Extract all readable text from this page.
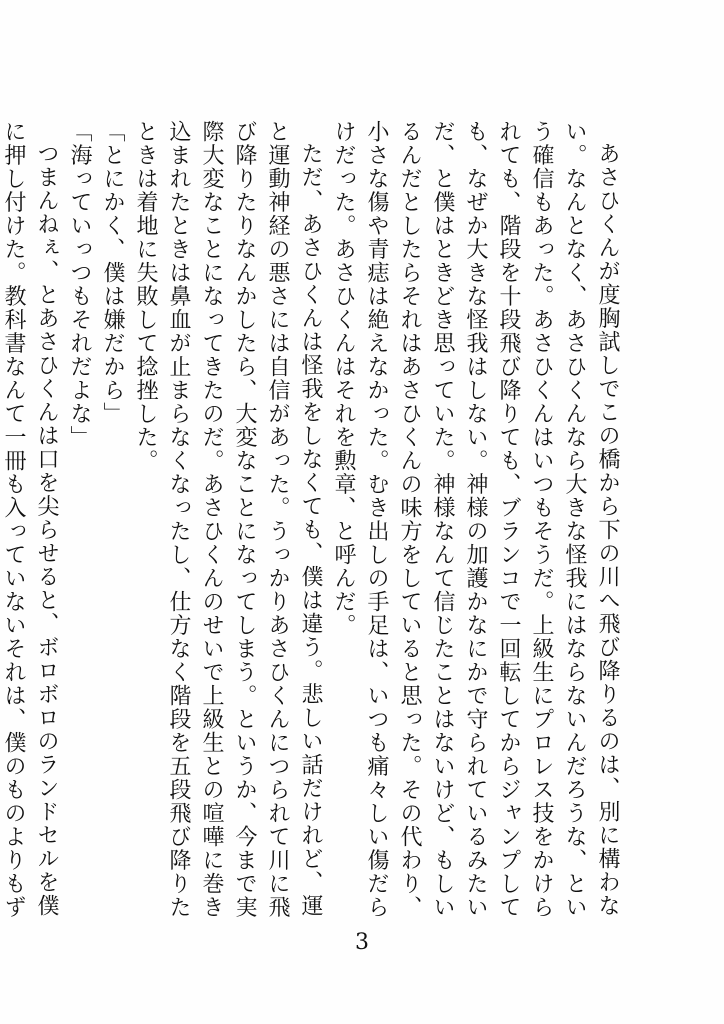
あさひくんが度胸試しでこの橋から下の川へ飛び降りるのは、別に構わない。なんとなく、あさひくんなら大きな怪我にはならないんだろうな、という確信もあった。あさひくんはいつもそうだ。上級生にプロレス技をかけられても、階段を十段飛び降りても、ブランコで一回転してからジャンプしても、なぜか大きな怪我はしない。神様の加護かなにかで守られているみたいだ、と僕はときどき思っていた。神様なんて信じたことはないけど、もしいるんだとしたらそれはあさひくんの味方をしていると思った。その代わり、小さな傷や青痣は絶えなかった。むき出しの手足は、いつも痛々しい傷だらけだった。あさひくんはそれを勲章、と呼んだ。

ただ、あさひくんは怪我をしなくても、僕は違う。悲しい話だけれど、運と運動神経の悪さには自信があった。うっかりあさひくんにつられて川に飛び降りたりなんかしたら、大変なことになってしまう。というか、今まで実際大変なことになってきたのだ。あさひくんのせいで上級生との喧嘩に巻き込まれたときは鼻血が止まらなくなったし、仕方なく階段を五段飛び降りたときは着地に失敗して捻挫した。

「とにかく、僕は嫌だから」

「海っていっつもそれだよな」

つまんねぇ、とあさひくんは口を尖らせると、ボロボロのランドセルを僕に押し付けた。教科書なんて一冊も入っていないそれは、僕のものよりもず

3
